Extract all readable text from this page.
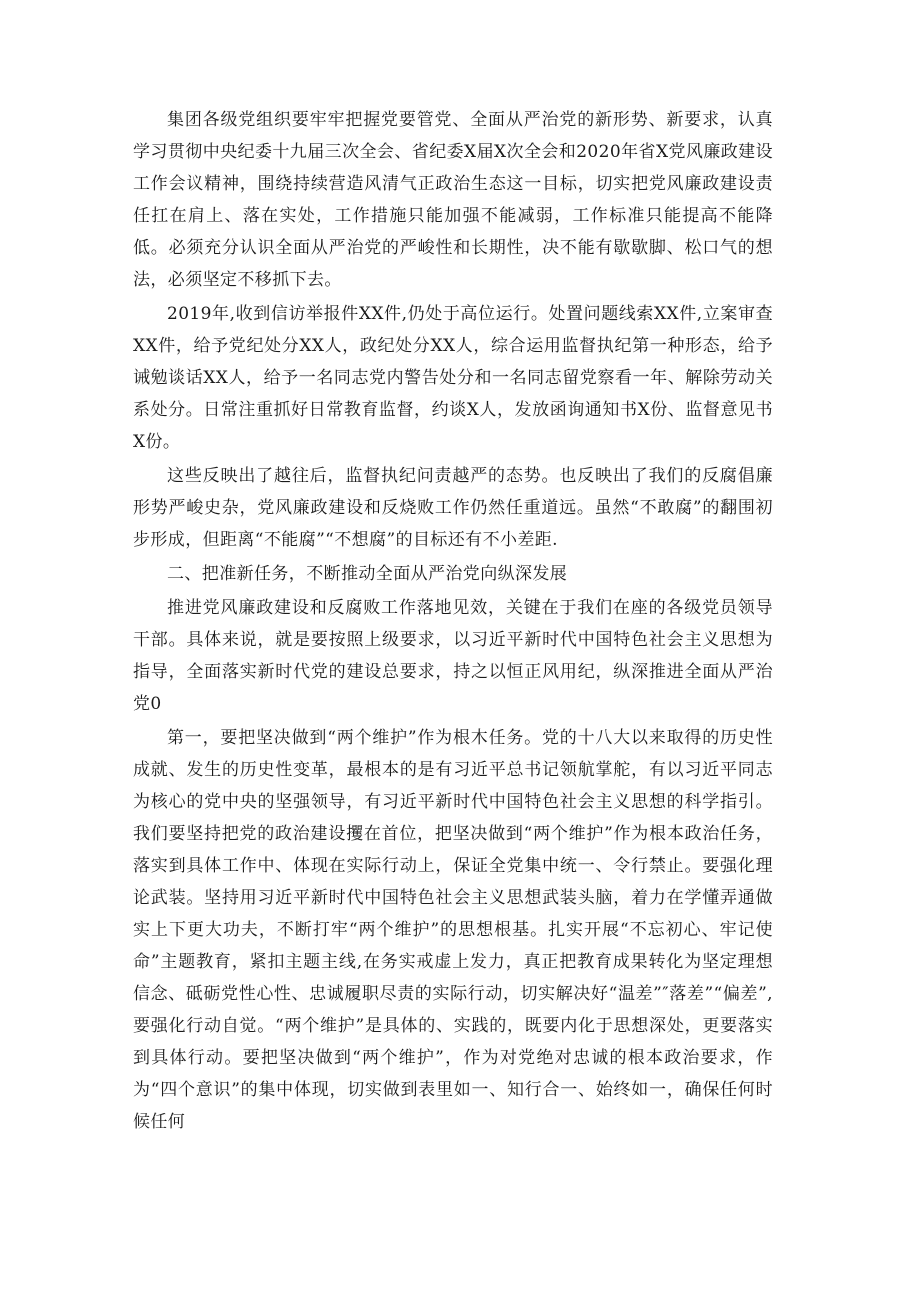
集团各级党组织要牢牢把握党要管党、全面从严治党的新形势、新要求，认真学习贯彻中央纪委十九届三次全会、省纪委X届X次全会和2020年省X党风廉政建设工作会议精神，围绕持续营造风清气正政治生态这一目标，切实把党风廉政建设责任扛在肩上、落在实处，工作措施只能加强不能减弱，工作标准只能提高不能降低。必须充分认识全面从严治党的严峻性和长期性，决不能有歇歇脚、松口气的想法，必须坚定不移抓下去。

2019年,收到信访举报件XX件,仍处于高位运行。处置问题线索XX件,立案审查XX件，给予党纪处分XX人，政纪处分XX人，综合运用监督执纪第一种形态，给予诫勉谈话XX人，给予一名同志党内警告处分和一名同志留党察看一年、解除劳动关系处分。日常注重抓好日常教育监督，约谈X人，发放函询通知书X份、监督意见书X份。

这些反映出了越往后，监督执纪问责越严的态势。也反映出了我们的反腐倡廉形势严峻史杂，党风廉政建设和反烧败工作仍然任重道远。虽然“不敢腐”的翻围初步形成，但距离“不能腐”“不想腐”的目标还有不小差距.

二、把准新任务，不断推动全面从严治党向纵深发展

推进党风廉政建设和反腐败工作落地见效，关键在于我们在座的各级党员领导干部。具体来说，就是要按照上级要求，以习近平新时代中国特色社会主义思想为指导，全面落实新时代党的建设总要求，持之以恒正风用纪，纵深推进全面从严治党0

第一，要把坚决做到“两个维护”作为根木任务。党的十八大以来取得的历史性成就、发生的历史性变革，最根本的是有习近平总书记领航掌舵，有以习近平同志为核心的党中央的坚强领导，有习近平新时代中国特色社会主义思想的科学指引。我们要坚持把党的政治建设攫在首位，把坚决做到“两个维护”作为根本政治任务，落实到具体工作中、体现在实际行动上，保证全党集中统一、令行禁止。要强化理论武装。坚持用习近平新时代中国特色社会主义思想武装头脑，着力在学懂弄通做实上下更大功夫，不断打牢“两个维护”的思想根基。扎实开展“不忘初心、牢记使命”主题教育，紧扣主题主线,在务实戒虚上发力，真正把教育成果转化为坚定理想信念、砥砺党性心性、忠诚履职尽责的实际行动，切实解决好“温差”″落差”“偏差”,要强化行动自觉。“两个维护”是具体的、实践的，既要内化于思想深处，更要落实到具体行动。要把坚决做到“两个维护”，作为对党绝对忠诚的根本政治要求，作为“四个意识”的集中体现，切实做到表里如一、知行合一、始终如一，确保任何时候任何
